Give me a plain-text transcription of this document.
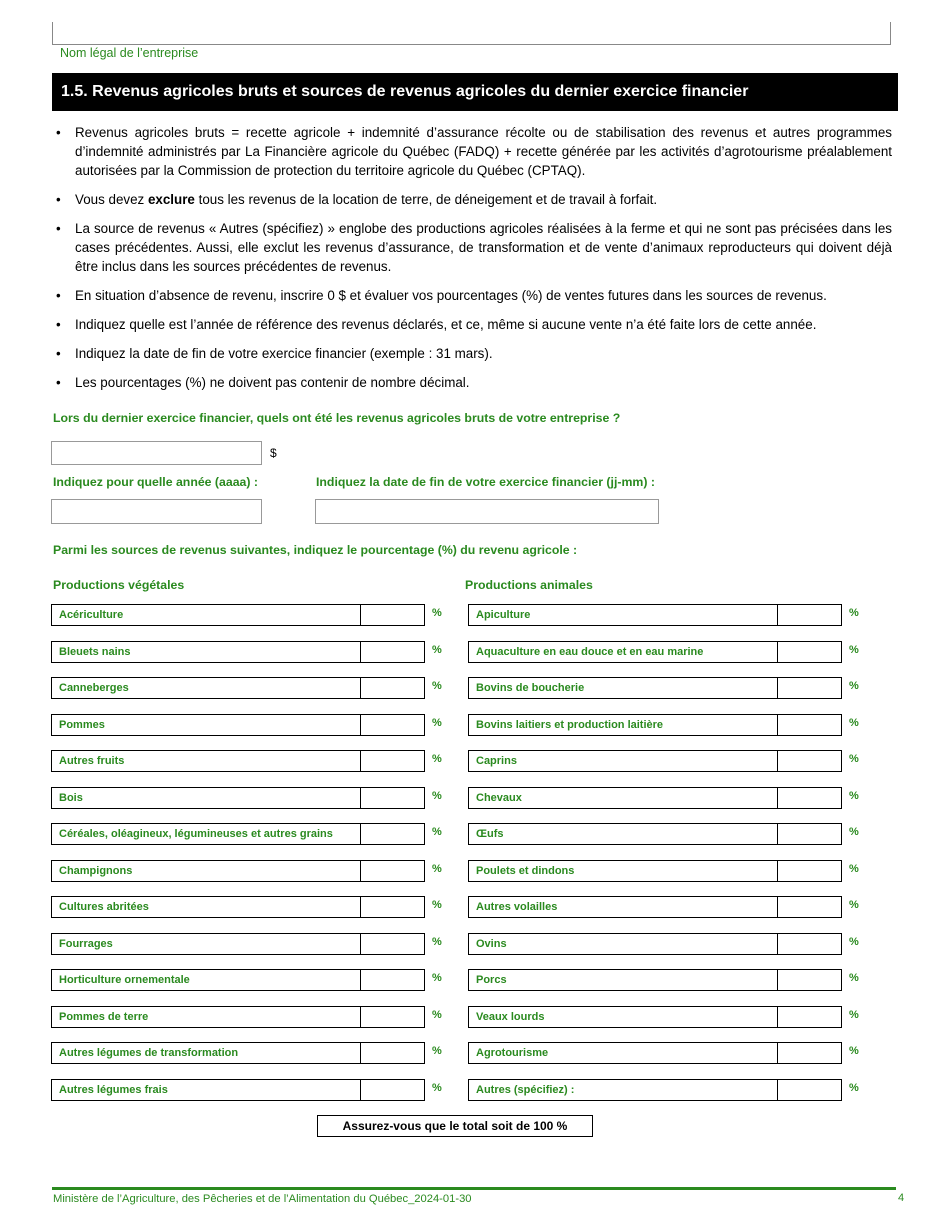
Nom légal de l’entreprise
1.5. Revenus agricoles bruts et sources de revenus agricoles du dernier exercice financier
• Revenus agricoles bruts = recette agricole + indemnité d’assurance récolte ou de stabilisation des revenus et autres programmes d’indemnité administrés par La Financière agricole du Québec (FADQ) + recette générée par les activités d’agrotourisme préalablement autorisées par la Commission de protection du territoire agricole du Québec (CPTAQ).
• Vous devez exclure tous les revenus de la location de terre, de déneigement et de travail à forfait.
• La source de revenus « Autres (spécifiez) » englobe des productions agricoles réalisées à la ferme et qui ne sont pas précisées dans les cases précédentes. Aussi, elle exclut les revenus d’assurance, de transformation et de vente d’animaux reproducteurs qui doivent déjà être inclus dans les sources précédentes de revenus.
• En situation d’absence de revenu, inscrire 0 $ et évaluer vos pourcentages (%) de ventes futures dans les sources de revenus.
• Indiquez quelle est l’année de référence des revenus déclarés, et ce, même si aucune vente n’a été faite lors de cette année.
• Indiquez la date de fin de votre exercice financier (exemple : 31 mars).
• Les pourcentages (%) ne doivent pas contenir de nombre décimal.
Lors du dernier exercice financier, quels ont été les revenus agricoles bruts de votre entreprise ?
$
Indiquez pour quelle année (aaaa) :	Indiquez la date de fin de votre exercice financier (jj-mm) :
Parmi les sources de revenus suivantes, indiquez le pourcentage (%) du revenu agricole :
Productions végétales	Productions animales
Acériculture	%
Bleuets nains	%
Canneberges	%
Pommes	%
Autres fruits	%
Bois	%
Céréales, oléagineux, légumineuses et autres grains	%
Champignons	%
Cultures abritées	%
Fourrages	%
Horticulture ornementale	%
Pommes de terre	%
Autres légumes de transformation	%
Autres légumes frais	%
Apiculture	%
Aquaculture en eau douce et en eau marine	%
Bovins de boucherie	%
Bovins laitiers et production laitière	%
Caprins	%
Chevaux	%
Œufs	%
Poulets et dindons	%
Autres volailles	%
Ovins	%
Porcs	%
Veaux lourds	%
Agrotourisme	%
Autres (spécifiez) :	%
Assurez-vous que le total soit de 100 %
Ministère de l’Agriculture, des Pêcheries et de l’Alimentation du Québec_2024-01-30	4
